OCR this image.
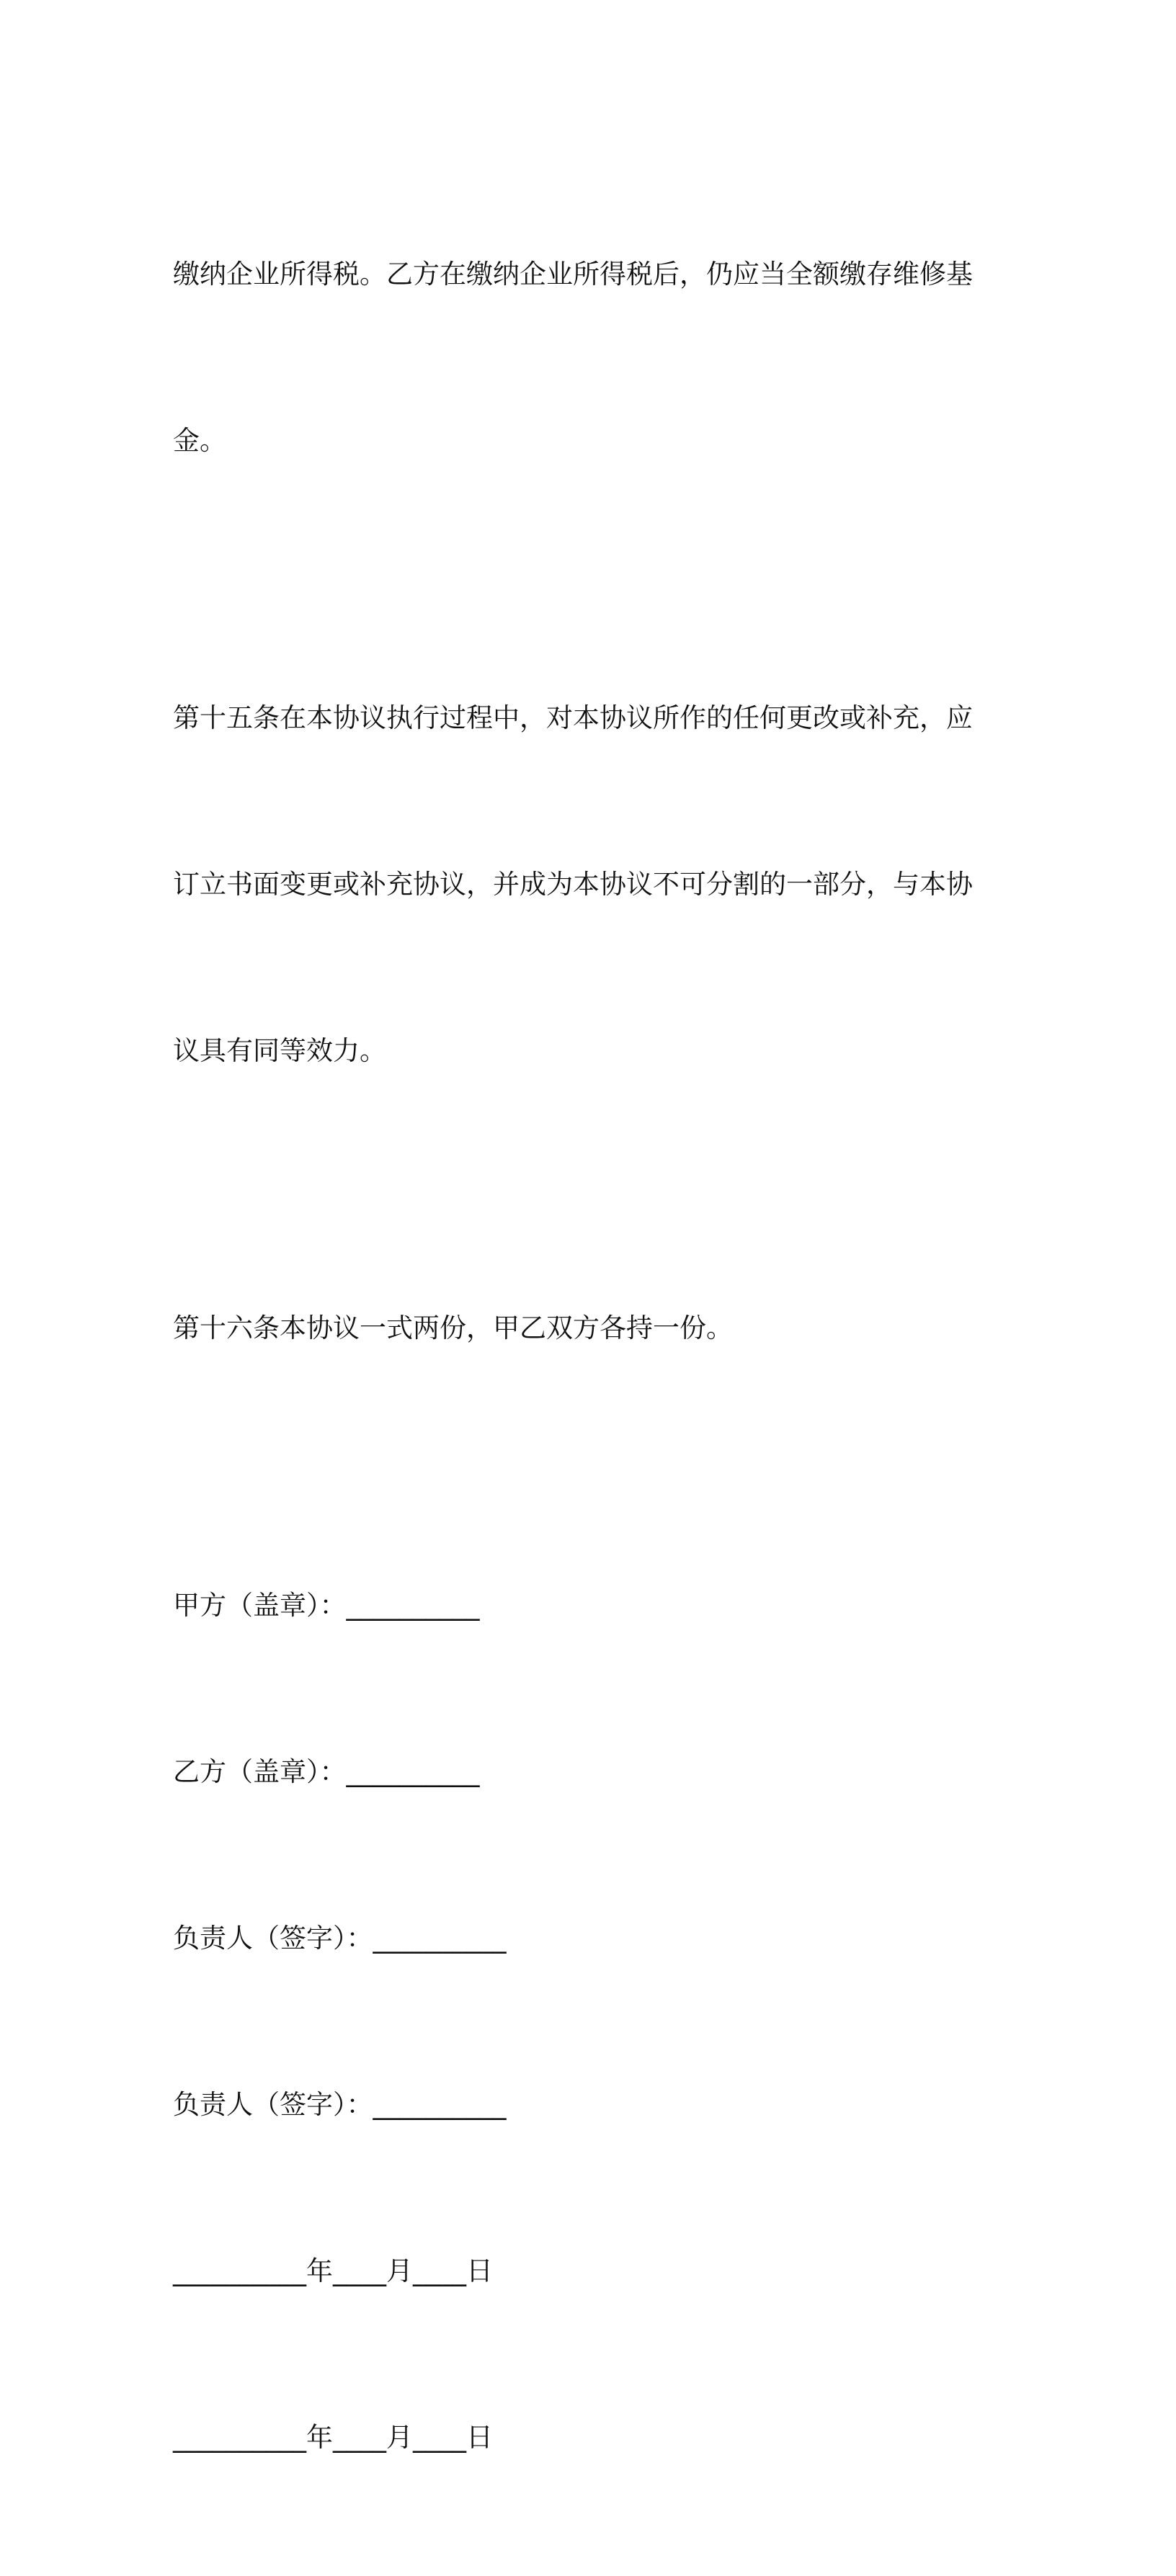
缴纳企业所得税。乙方在缴纳企业所得税后，仍应当全额缴存维修基

金。

第十五条在本协议执行过程中，对本协议所作的任何更改或补充，应

订立书面变更或补充协议，并成为本协议不可分割的一部分，与本协

议具有同等效力。

第十六条本协议一式两份，甲乙双方各持一份。

甲方（盖章）：__________

乙方（盖章）：__________

负责人（签字）：__________

负责人（签字）：__________

__________年____月____日

__________年____月____日
